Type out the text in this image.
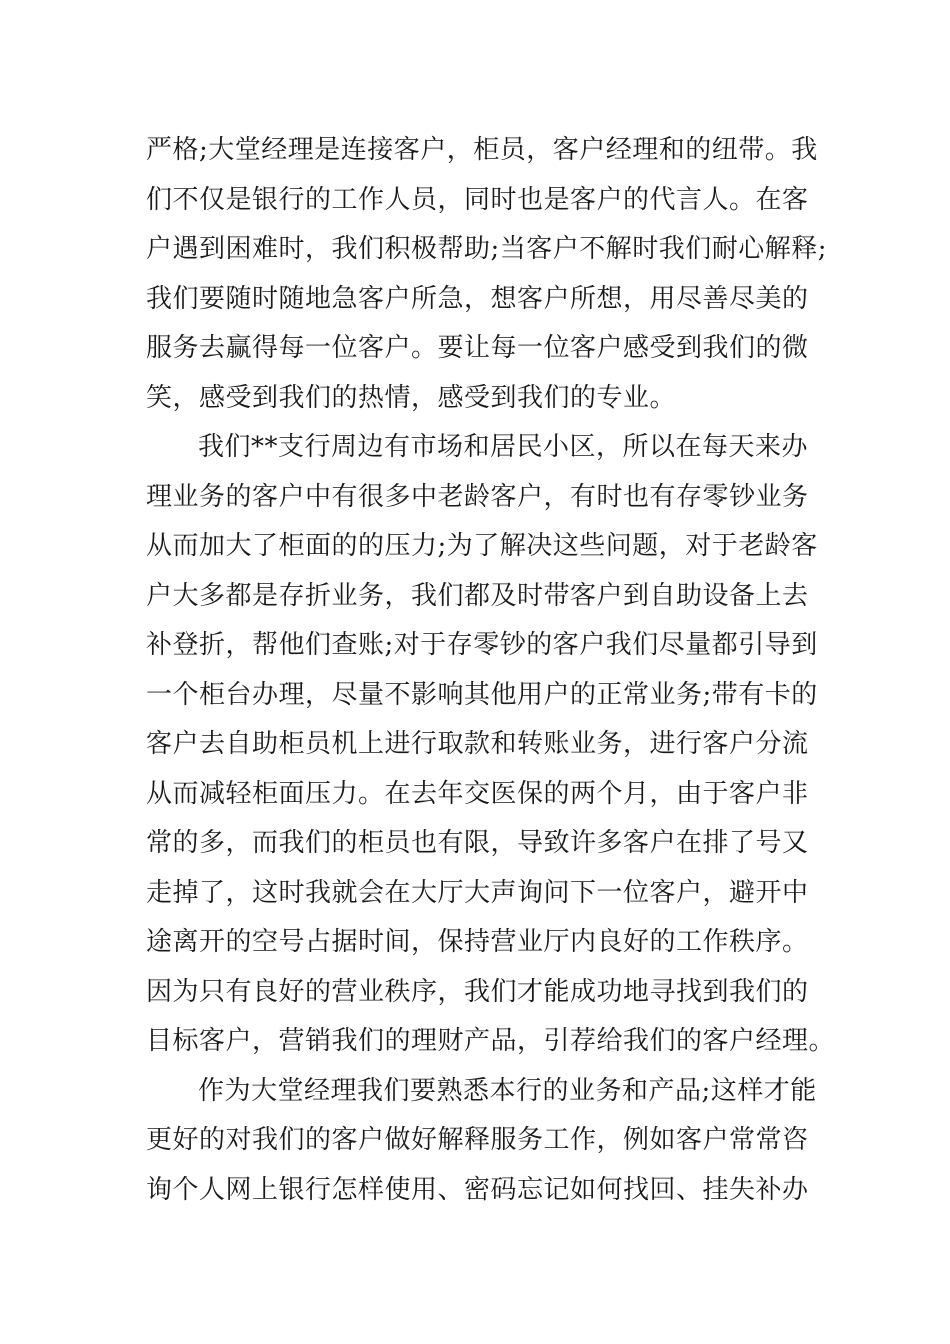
严格;大堂经理是连接客户，柜员，客户经理和的纽带。我
们不仅是银行的工作人员，同时也是客户的代言人。在客
户遇到困难时，我们积极帮助;当客户不解时我们耐心解释;
我们要随时随地急客户所急，想客户所想，用尽善尽美的
服务去赢得每一位客户。要让每一位客户感受到我们的微
笑，感受到我们的热情，感受到我们的专业。
我们**支行周边有市场和居民小区，所以在每天来办
理业务的客户中有很多中老龄客户，有时也有存零钞业务
从而加大了柜面的的压力;为了解决这些问题，对于老龄客
户大多都是存折业务，我们都及时带客户到自助设备上去
补登折，帮他们查账;对于存零钞的客户我们尽量都引导到
一个柜台办理，尽量不影响其他用户的正常业务;带有卡的
客户去自助柜员机上进行取款和转账业务，进行客户分流
从而减轻柜面压力。在去年交医保的两个月，由于客户非
常的多，而我们的柜员也有限，导致许多客户在排了号又
走掉了，这时我就会在大厅大声询问下一位客户，避开中
途离开的空号占据时间，保持营业厅内良好的工作秩序。
因为只有良好的营业秩序，我们才能成功地寻找到我们的
目标客户，营销我们的理财产品，引荐给我们的客户经理。
作为大堂经理我们要熟悉本行的业务和产品;这样才能
更好的对我们的客户做好解释服务工作，例如客户常常咨
询个人网上银行怎样使用、密码忘记如何找回、挂失补办
